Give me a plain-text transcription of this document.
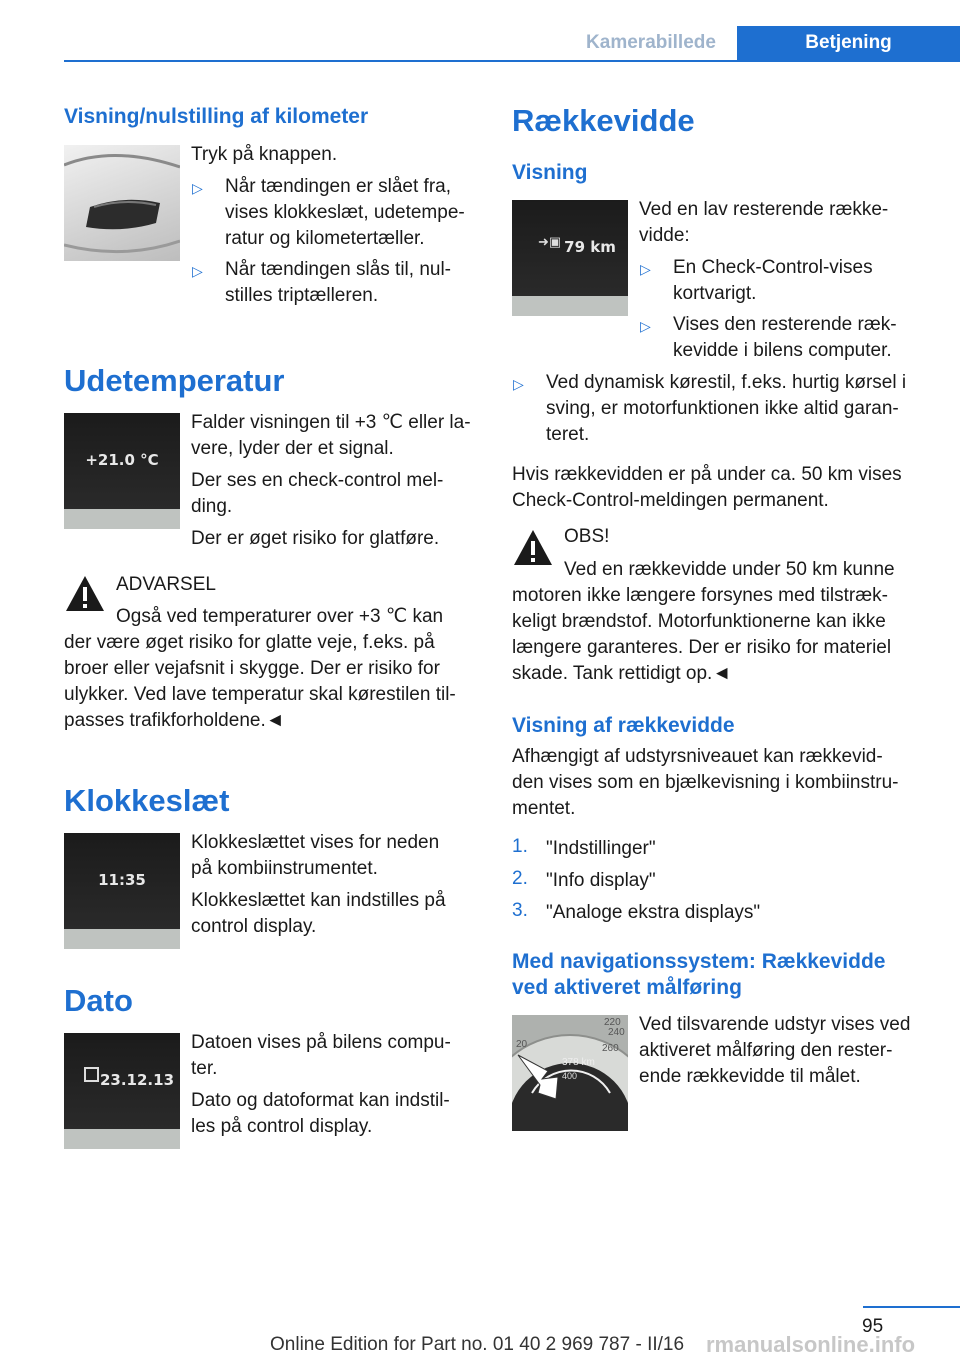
Kamerabillede	Betjening
Visning/nulstilling af kilometer

Tryk på knappen.

▷ Når tændingen er slået fra,

vises klokkeslæt, udetempe-

ratur og kilometertæller.

▷ Når tændingen slås til, nul-

stilles triptælleren.

Udetemperatur
+21.0 °C

Falder visningen til +3 ℃ eller la-

vere, lyder der et signal.

Der ses en check-control mel-

ding.

Der er øget risiko for glatføre.

ADVARSEL

Også ved temperaturer over +3 ℃ kan

der være øget risiko for glatte veje, f.eks. på

broer eller vejafsnit i skygge. Der er risiko for

ulykker. Ved lave temperatur skal kørestilen til-

passes trafikforholdene.◄

Klokkeslæt
11:35

Klokkeslættet vises for neden

på kombiinstrumentet.

Klokkeslættet kan indstilles på

control display.

Dato
23.12.13

Datoen vises på bilens compu-

ter.

Dato og datoformat kan indstil-

les på control display.

Rækkevidde
Visning
➜▣ 79 km

Ved en lav resterende række-

vidde:

▷ En Check-Control-vises

kortvarigt.

▷ Vises den resterende ræk-

kevidde i bilens computer.

▷ Ved dynamisk kørestil, f.eks. hurtig kørsel i

sving, er motorfunktionen ikke altid garan-

teret.

Hvis rækkevidden er på under ca. 50 km vises

Check-Control-meldingen permanent.

OBS!

Ved en rækkevidde under 50 km kunne

motoren ikke længere forsynes med tilstræk-

keligt brændstof. Motorfunktionerne kan ikke

længere garanteres. Der er risiko for materiel

skade. Tank rettidigt op.◄

Visning af rækkevidde

Afhængigt af udstyrsniveauet kan rækkevid-

den vises som en bjælkevisning i kombiinstru-

mentet.

1. "Indstillinger"

2. "Info display"

3. "Analoge ekstra displays"

Med navigationssystem: Rækkevidde
ved aktiveret målføring
20
220
240
260
378 km
400

Ved tilsvarende udstyr vises ved

aktiveret målføring den rester-

ende rækkevidde til målet.

95
Online Edition for Part no. 01 40 2 969 787 - II/16 rmanualsonline.info
